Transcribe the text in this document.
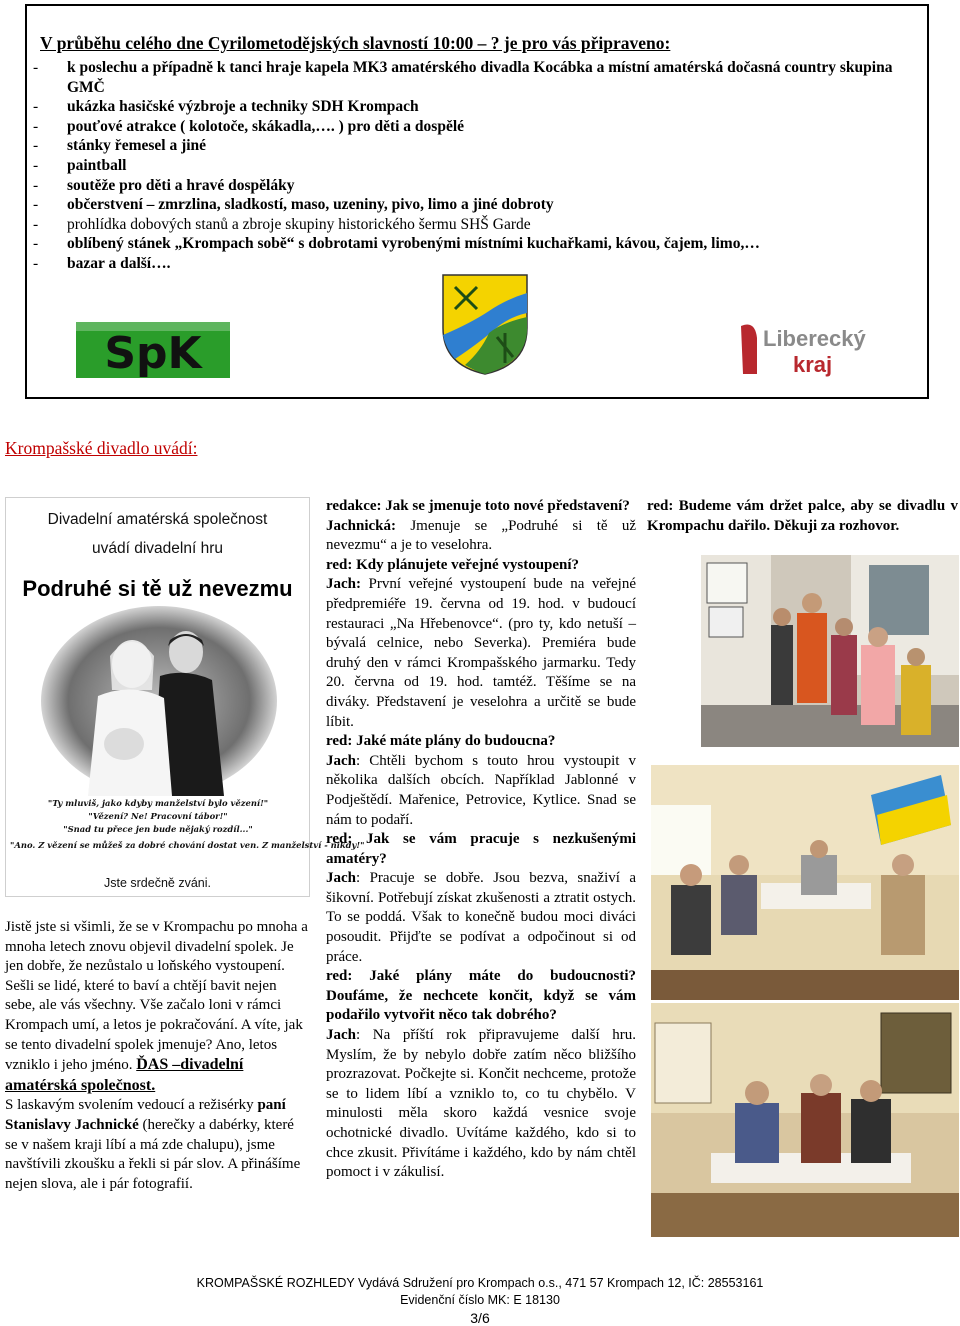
V průběhu celého dne Cyrilometodějských slavností 10:00 – ? je pro vás připraveno:
- k poslechu a případně k tanci hraje kapela MK3 amatérského divadla Kocábka a místní amatérská dočasná country skupina GMČ
- ukázka hasičské výzbroje a techniky SDH Krompach
- pouťové atrakce ( kolotoče, skákadla,…. ) pro děti a dospělé
- stánky řemesel a jiné
- paintball
- soutěže pro děti a hravé dospěláky
- občerstvení – zmrzlina, sladkostí, maso, uzeniny, pivo, limo a jiné dobroty
- prohlídka dobových stanů a zbroje skupiny historického šermu SHŠ Garde
- oblíbený stánek „Krompach sobě“ s dobrotami vyrobenými místními kuchařkami, kávou, čajem, limo,…
- bazar a další….
SpK	Liberecký
kraj
Krompašské divadlo uvádí:
Divadelní amatérská společnost
uvádí divadelní hru
Podruhé si tě už nevezmu
"Ty mluviš, jako kdyby manželství bylo vězení!"
"Vězení? Ne! Pracovní tábor!"
"Snad tu přece jen bude nějaký rozdíl..."
"Ano. Z vězení se můžeš za dobré chování dostat ven. Z manželství - nikdy!"
Jste srdečně zváni.

Jistě jste si všimli, že se v Krompachu po mnoha a mnoha letech znovu objevil divadelní spolek. Je jen dobře, že nezůstalo u loňského vystoupení. Sešli se lidé, které to baví a chtějí bavit nejen sebe, ale vás všechny. Vše začalo loni v rámci Krompach umí, a letos je pokračování. A víte, jak se tento divadelní spolek jmenuje? Ano, letos vzniklo i jeho jméno. ĎAS –divadelní amatérská společnost.

S laskavým svolením vedoucí a režisérky paní Stanislavy Jachnické (herečky a dabérky, které se v našem kraji líbí a má zde chalupu), jsme navštívili zkoušku a řekli si pár slov. A přinášíme nejen slova, ale i pár fotografií.

redakce: Jak se jmenuje toto nové představení?

Jachnická: Jmenuje se „Podruhé si tě už nevezmu“ a je to veselohra.

red: Kdy plánujete veřejné vystoupení?

Jach: První veřejné vystoupení bude na veřejné předpremiéře 19. června od 19. hod. v budoucí restauraci „Na Hřebenovce“. (pro ty, kdo netuší – bývalá celnice, nebo Severka). Premiéra bude druhý den v rámci Krompašského jarmarku. Tedy 20. června od 19. hod. tamtéž. Těšíme se na diváky. Představení je veselohra a určitě se bude líbit.

red: Jaké máte plány do budoucna?

Jach: Chtěli bychom s touto hrou vystoupit v několika dalších obcích. Například Jablonné v Podještědí. Mařenice, Petrovice, Kytlice. Snad se nám to podaří.

red: Jak se vám pracuje s nezkušenými amatéry?

Jach: Pracuje se dobře. Jsou bezva, snaživí a šikovní. Potřebují získat zkušenosti a ztratit ostych. To se poddá. Však to konečně budou moci diváci posoudit. Přijďte se podívat a odpočinout si od práce.

red: Jaké plány máte do budoucnosti? Doufáme, že nechcete končit, když se vám podařilo vytvořit něco tak dobrého?

Jach: Na příští rok připravujeme další hru. Myslím, že by nebylo dobře zatím něco bližšího prozrazovat. Počkejte si. Končit nechceme, protože se to lidem líbí a vzniklo to, co tu chybělo. V minulosti měla skoro každá vesnice svoje ochotnické divadlo. Uvítáme každého, kdo si to chce zkusit. Přivítáme i každého, kdo by nám chtěl pomoct i v zákulisí.

red: Budeme vám držet palce, aby se divadlu v Krompachu dařilo. Děkuji za rozhovor.
KROMPAŠSKÉ ROZHLEDY Vydává Sdružení pro Krompach o.s., 471 57 Krompach 12, IČ: 28553161
Evidenční číslo MK: E 18130
3/6
